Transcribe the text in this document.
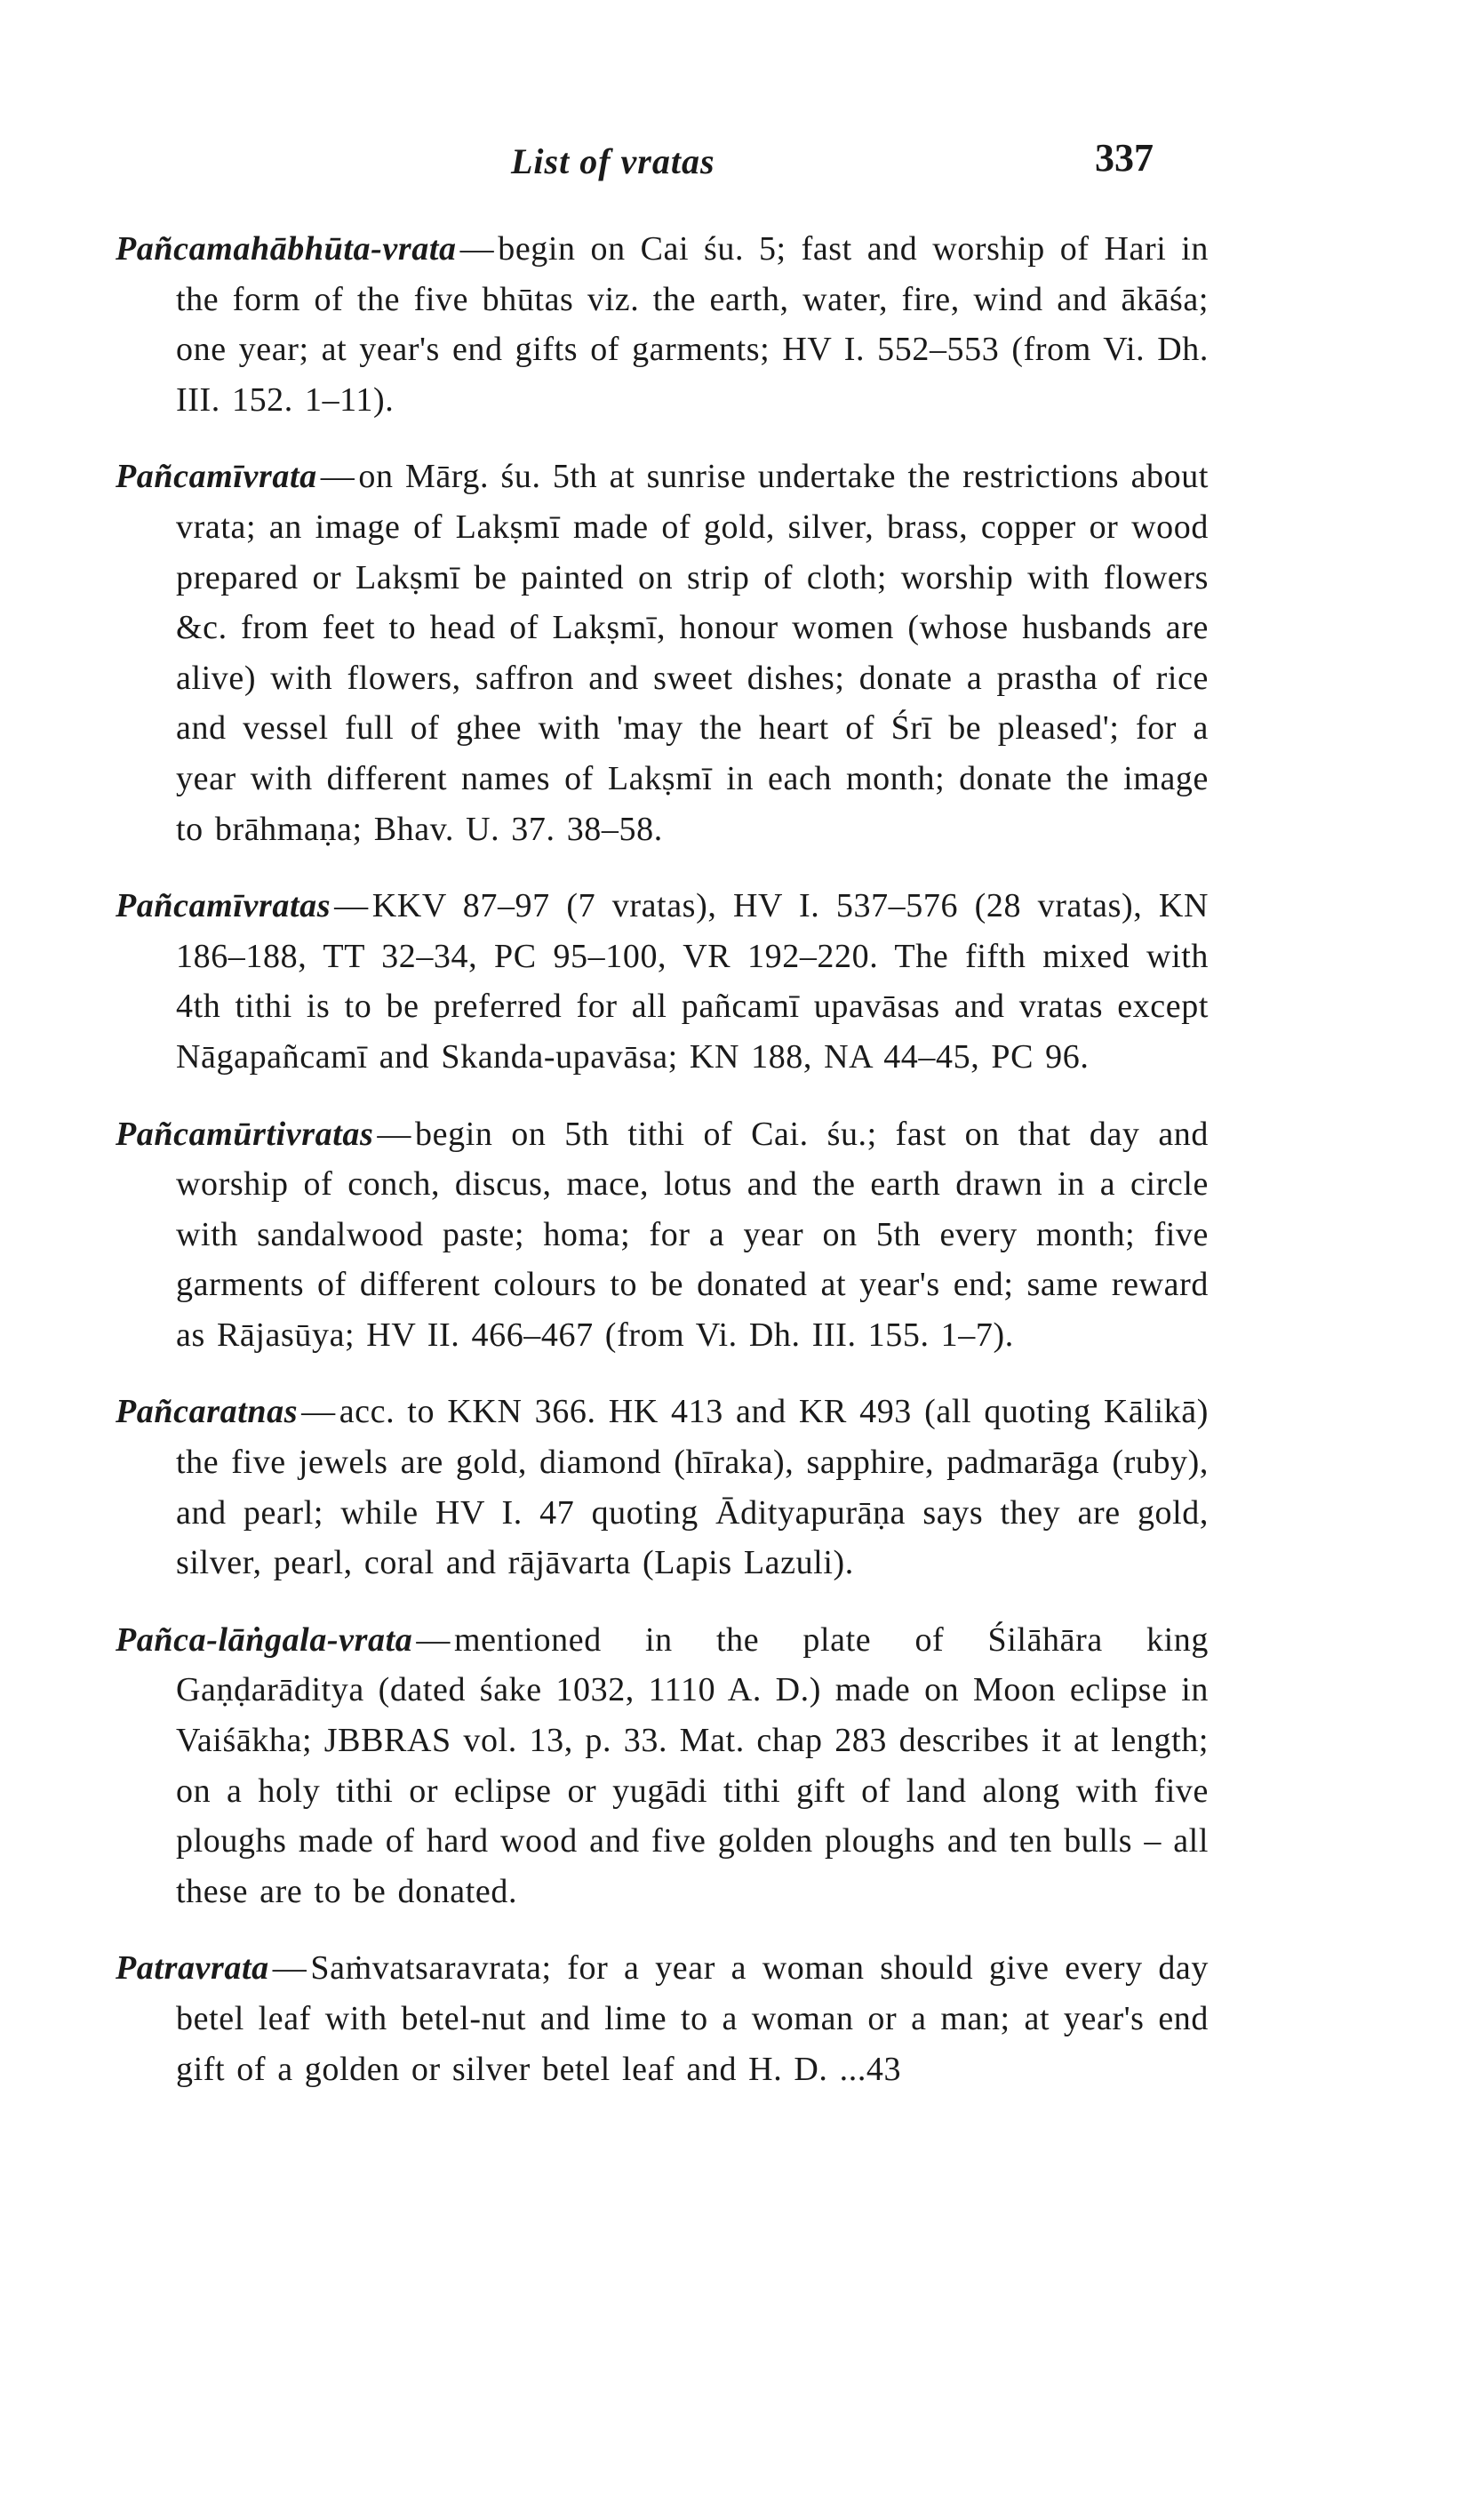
List of vratas	337

Pañcamahābhūta-vrata — begin on Cai śu. 5; fast and worship of Hari in the form of the five bhūtas viz. the earth, water, fire, wind and ākāśa; one year; at year's end gifts of garments; HV I. 552–553 (from Vi. Dh. III. 152. 1–11).

Pañcamīvrata — on Mārg. śu. 5th at sunrise undertake the restrictions about vrata; an image of Lakṣmī made of gold, silver, brass, copper or wood prepared or Lakṣmī be painted on strip of cloth; worship with flowers &c. from feet to head of Lakṣmī, honour women (whose husbands are alive) with flowers, saffron and sweet dishes; donate a prastha of rice and vessel full of ghee with 'may the heart of Śrī be pleased'; for a year with different names of Lakṣmī in each month; donate the image to brāhmaṇa; Bhav. U. 37. 38–58.

Pañcamīvratas — KKV 87–97 (7 vratas), HV I. 537–576 (28 vratas), KN 186–188, TT 32–34, PC 95–100, VR 192–220. The fifth mixed with 4th tithi is to be preferred for all pañcamī upavāsas and vratas except Nāgapañcamī and Skanda-upavāsa; KN 188, NA 44–45, PC 96.

Pañcamūrtivratas — begin on 5th tithi of Cai. śu.; fast on that day and worship of conch, discus, mace, lotus and the earth drawn in a circle with sandalwood paste; homa; for a year on 5th every month; five garments of different colours to be donated at year's end; same reward as Rājasūya; HV II. 466–467 (from Vi. Dh. III. 155. 1–7).

Pañcaratnas — acc. to KKN 366. HK 413 and KR 493 (all quoting Kālikā) the five jewels are gold, diamond (hīraka), sapphire, padmarāga (ruby), and pearl; while HV I. 47 quoting Ādityapurāṇa says they are gold, silver, pearl, coral and rājāvarta (Lapis Lazuli).

Pañca-lāṅgala-vrata — mentioned in the plate of Śilāhāra king Gaṇḍarāditya (dated śake 1032, 1110 A. D.) made on Moon eclipse in Vaiśākha; JBBRAS vol. 13, p. 33. Mat. chap 283 describes it at length; on a holy tithi or eclipse or yugādi tithi gift of land along with five ploughs made of hard wood and five golden ploughs and ten bulls – all these are to be donated.

Patravrata — Saṁvatsaravrata; for a year a woman should give every day betel leaf with betel-nut and lime to a woman or a man; at year's end gift of a golden or silver betel leaf and H. D. ...43
